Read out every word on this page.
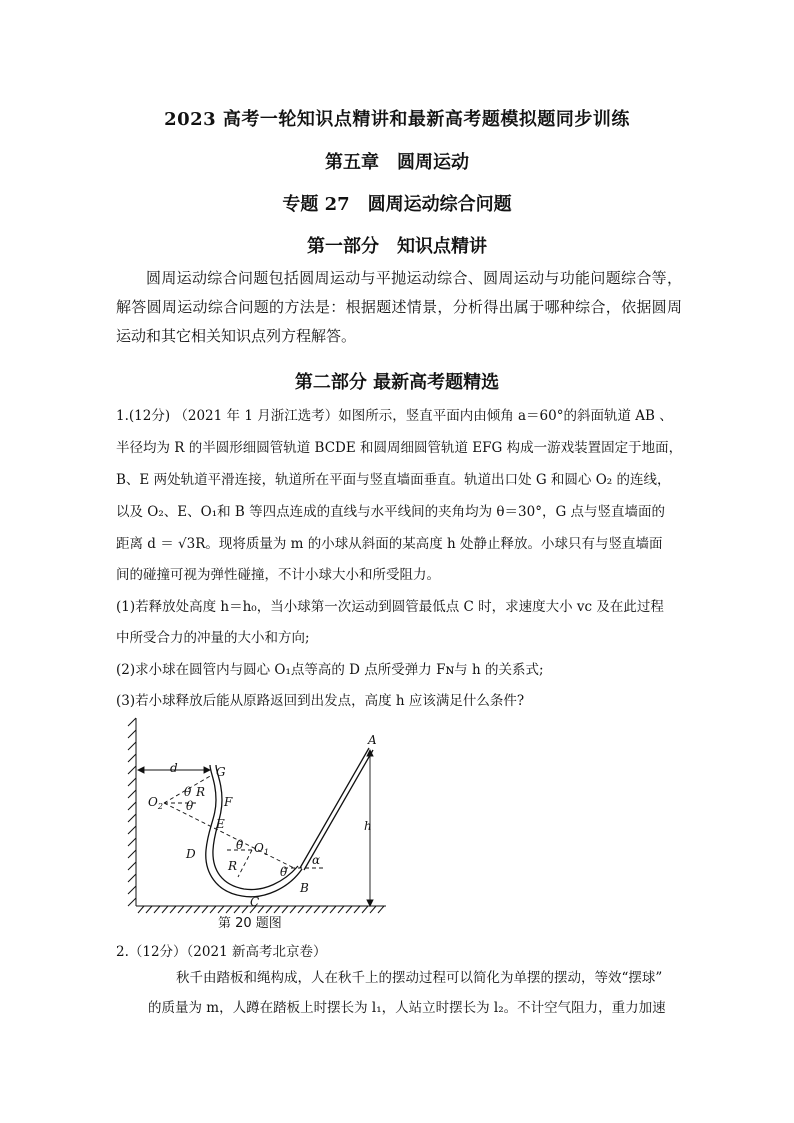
2023 高考一轮知识点精讲和最新高考题模拟题同步训练
第五章　圆周运动
专题 27　圆周运动综合问题
第一部分　知识点精讲
圆周运动综合问题包括圆周运动与平抛运动综合、圆周运动与功能问题综合等，解答圆周运动综合问题的方法是：根据题述情景，分析得出属于哪种综合，依据圆周运动和其它相关知识点列方程解答。
第二部分 最新高考题精选
1.(12分) （2021 年 1 月浙江选考）如图所示，竖直平面内由倾角 a＝60°的斜面轨道 AB 、
半径均为 R 的半圆形细圆管轨道 BCDE 和圆周细圆管轨道 EFG 构成一游戏装置固定于地面，
B、E 两处轨道平滑连接，轨道所在平面与竖直墙面垂直。轨道出口处 G 和圆心 O₂ 的连线，
以及 O₂、E、O₁和 B 等四点连成的直线与水平线间的夹角均为 θ＝30°，G 点与竖直墙面的
距离 d ＝ √3R。现将质量为 m 的小球从斜面的某高度 h 处静止释放。小球只有与竖直墙面
间的碰撞可视为弹性碰撞，不计小球大小和所受阻力。
(1)若释放处高度 h＝h₀，当小球第一次运动到圆管最低点 C 时，求速度大小 vc 及在此过程
中所受合力的冲量的大小和方向;
(2)求小球在圆管内与圆心 O₁点等高的 D 点所受弹力 Fɴ与 h 的关系式;
(3)若小球释放后能从原路返回到出发点，高度 h 应该满足什么条件?
A
B
C
D
E
F
G
$O_1$
$O_2$
d
h
R
R
θ
θ
θ
θ
α
第 20 题图
2.（12分）（2021 新高考北京卷）
秋千由踏板和绳构成，人在秋千上的摆动过程可以简化为单摆的摆动，等效“摆球”
的质量为 m，人蹲在踏板上时摆长为 l₁，人站立时摆长为 l₂。不计空气阻力，重力加速
